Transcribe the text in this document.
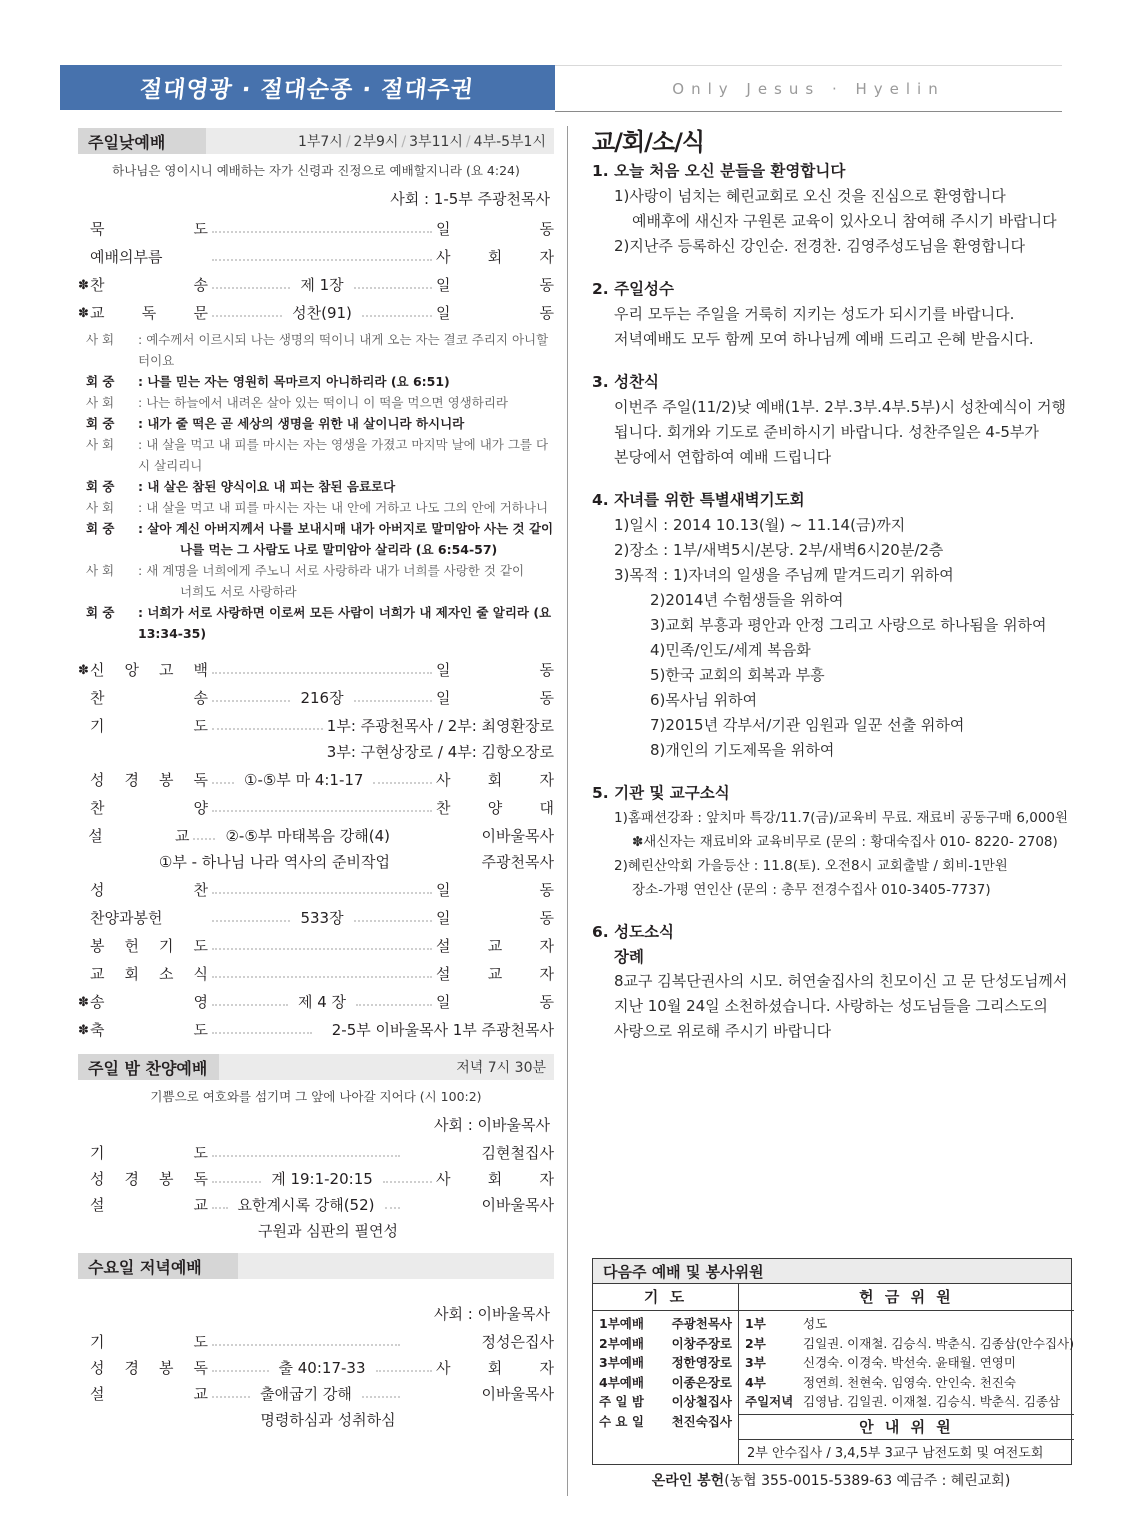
절대영광 · 절대순종 · 절대주권	Only Jesus · Hyelin
주일낮예배	1부7시 / 2부9시 / 3부11시 / 4부-5부1시
하나님은 영이시니 예배하는 자가 신령과 진정으로 예배할지니라 (요 4:24)
사회 : 1-5부 주광천목사
묵	도	일	동
예배의부름	사 회 자
✽ 찬	송	제 1장	일	동
✽ 교 독 문	성찬(91)	일	동
사 회	: 예수께서 이르시되 나는 생명의 떡이니 내게 오는 자는 결코 주리지 아니할 터이요
회 중	: 나를 믿는 자는 영원히 목마르지 아니하리라 (요 6:51)
사 회	: 나는 하늘에서 내려온 살아 있는 떡이니 이 떡을 먹으면 영생하리라
회 중	: 내가 줄 떡은 곧 세상의 생명을 위한 내 살이니라 하시니라
사 회	: 내 살을 먹고 내 피를 마시는 자는 영생을 가졌고 마지막 날에 내가 그를 다시 살리리니
회 중	: 내 살은 참된 양식이요 내 피는 참된 음료로다
사 회	: 내 살을 먹고 내 피를 마시는 자는 내 안에 거하고 나도 그의 안에 거하나니
회 중	: 살아 계신 아버지께서 나를 보내시매 내가 아버지로 말미암아 사는 것 같이
나를 먹는 그 사람도 나로 말미암아 살리라 (요 6:54-57)
사 회	: 새 계명을 너희에게 주노니 서로 사랑하라 내가 너희를 사랑한 것 같이
너희도 서로 사랑하라
회 중	: 너희가 서로 사랑하면 이로써 모든 사람이 너희가 내 제자인 줄 알리라 (요 13:34-35)
✽ 신 앙 고 백	일	동
찬	송	216장	일	동
기	도	1부: 주광천목사 / 2부: 최영환장로
3부: 구현상장로 / 4부: 김항오장로
성 경 봉 독	①-⑤부 마 4:1-17	사 회 자
찬	양	찬 양 대
설	교	②-⑤부 마태복음 강해(4)	이바울목사
①부 - 하나님 나라 역사의 준비작업	주광천목사
성	찬	일	동
찬양과봉헌	533장	일	동
봉 헌 기 도	설 교 자
교 회 소 식	설 교 자
✽ 송	영	제 4 장	일	동
✽ 축	도	2-5부 이바울목사 1부 주광천목사
주일 밤 찬양예배	저녁 7시 30분
기쁨으로 여호와를 섬기며 그 앞에 나아갈 지어다 (시 100:2)
사회 : 이바울목사
기	도	김현철집사
성 경 봉 독	계 19:1-20:15	사 회 자
설	교	요한계시록 강해(52)	이바울목사
구원과 심판의 필연성
수요일 저녁예배
사회 : 이바울목사
기	도	정성은집사
성 경 봉 독	출 40:17-33	사 회 자
설	교	출애굽기 강해	이바울목사
명령하심과 성취하심
교/회/소/식
1. 오늘 처음 오신 분들을 환영합니다
1)사랑이 넘치는 혜린교회로 오신 것을 진심으로 환영합니다
예배후에 새신자 구원론 교육이 있사오니 참여해 주시기 바랍니다
2)지난주 등록하신 강인순. 전경찬. 김영주성도님을 환영합니다
2. 주일성수
우리 모두는 주일을 거룩히 지키는 성도가 되시기를 바랍니다.
저녁예배도 모두 함께 모여 하나님께 예배 드리고 은혜 받읍시다.
3. 성찬식
이번주 주일(11/2)낮 예배(1부. 2부.3부.4부.5부)시 성찬예식이 거행
됩니다. 회개와 기도로 준비하시기 바랍니다. 성찬주일은 4-5부가
본당에서 연합하여 예배 드립니다
4. 자녀를 위한 특별새벽기도회
1)일시 : 2014 10.13(월) ~ 11.14(금)까지
2)장소 : 1부/새벽5시/본당. 2부/새벽6시20분/2층
3)목적 : 1)자녀의 일생을 주님께 맡겨드리기 위하여
2)2014년 수험생들을 위하여
3)교회 부흥과 평안과 안정 그리고 사랑으로 하나됨을 위하여
4)민족/인도/세계 복음화
5)한국 교회의 회복과 부흥
6)목사님 위하여
7)2015년 각부서/기관 임원과 일꾼 선출 위하여
8)개인의 기도제목을 위하여
5. 기관 및 교구소식
1)홈패션강좌 : 앞치마 특강/11.7(금)/교육비 무료. 재료비 공동구매 6,000원
✽새신자는 재료비와 교육비무로 (문의 : 황대숙집사 010- 8220- 2708)
2)혜린산악회 가을등산 : 11.8(토). 오전8시 교회출발 / 회비-1만원
장소-가평 연인산 (문의 : 총무 전경수집사 010-3405-7737)
6. 성도소식
장례
8교구 김복단권사의 시모. 허연술집사의 친모이신 고 문 단성도님께서
지난 10월 24일 소천하셨습니다. 사랑하는 성도님들을 그리스도의
사랑으로 위로해 주시기 바랍니다
다음주 예배 및 봉사위원
기 도
1부예배 주광천목사
2부예배 이창주장로
3부예배 정한영장로
4부예배 이종은장로
주 일 밤 이상철집사
수 요 일 천진숙집사
헌 금 위 원
1부	성도
2부	김일권. 이재철. 김승식. 박춘식. 김종삼(안수집사)
3부	신경숙. 이경숙. 박선숙. 윤태월. 연영미
4부	정연희. 천현숙. 임영숙. 안인숙. 천진숙
주일저녁 김영남. 김일권. 이재철. 김승식. 박춘식. 김종삼
안 내 위 원
2부 안수집사 / 3,4,5부 3교구 남전도회 및 여전도회
온라인 봉헌(농협 355-0015-5389-63 예금주 : 혜린교회)
